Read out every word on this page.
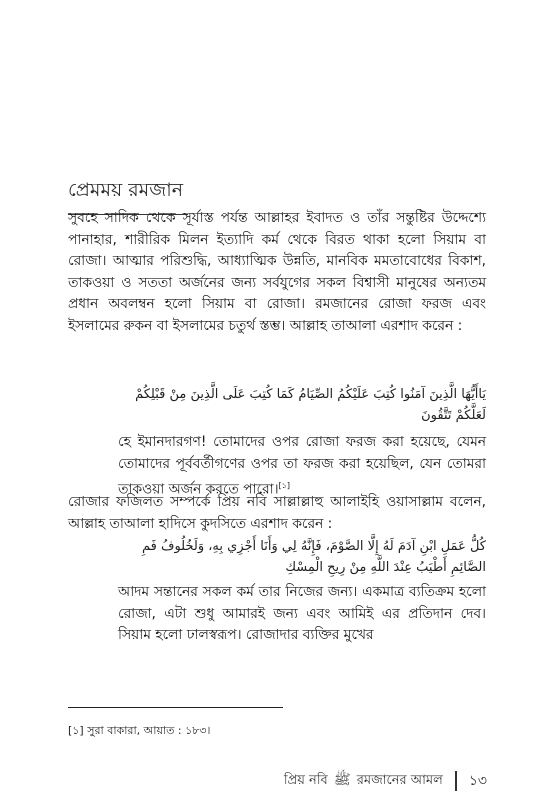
প্রেমময় রমজান
সুবহে সাদিক থেকে সূর্যাস্ত পর্যন্ত আল্লাহর ইবাদত ও তাঁর সন্তুষ্টির উদ্দেশ্যে পানাহার, শারীরিক মিলন ইত্যাদি কর্ম থেকে বিরত থাকা হলো সিয়াম বা রোজা। আত্মার পরিশুদ্ধি, আধ্যাত্মিক উন্নতি, মানবিক মমতাবোধের বিকাশ, তাকওয়া ও সততা অর্জনের জন্য সর্বযুগের সকল বিশ্বাসী মানুষের অন্যতম প্রধান অবলম্বন হলো সিয়াম বা রোজা। রমজানের রোজা ফরজ এবং ইসলামের রুকন বা ইসলামের চতুর্থ স্তম্ভ। আল্লাহ তাআলা এরশাদ করেন :
يَاأَيُّهَا الَّذِينَ آمَنُوا كُتِبَ عَلَيْكُمُ الصِّيَامُ كَمَا كُتِبَ عَلَى الَّذِينَ مِنْ قَبْلِكُمْ لَعَلَّكُمْ تَتَّقُونَ
হে ইমানদারগণ! তোমাদের ওপর রোজা ফরজ করা হয়েছে, যেমন তোমাদের পূর্ববর্তীগণের ওপর তা ফরজ করা হয়েছিল, যেন তোমরা তাকওয়া অর্জন করতে পারো।[১]
রোজার ফজিলত সম্পর্কে প্রিয় নবি সাল্লাল্লাহু আলাইহি ওয়াসাল্লাম বলেন, আল্লাহ তাআলা হাদিসে কুদসিতে এরশাদ করেন :
كُلُّ عَمَلِ ابْنِ آدَمَ لَهُ إِلَّا الصَّوْمَ، فَإِنَّهُ لِي وَأَنَا أَجْزِي بِهِ، وَلَخُلُوفُ فَمِ الصَّائِمِ أَطْيَبُ عِنْدَ اللَّهِ مِنْ رِيحِ الْمِسْكِ
আদম সন্তানের সকল কর্ম তার নিজের জন্য। একমাত্র ব্যতিক্রম হলো রোজা, এটা শুধু আমারই জন্য এবং আমিই এর প্রতিদান দেব। সিয়াম হলো ঢালস্বরূপ। রোজাদার ব্যক্তির মুখের
[১] সুরা বাকারা, আয়াত : ১৮৩।
প্রিয় নবি ﷺ রমজানের আমল ১৩
